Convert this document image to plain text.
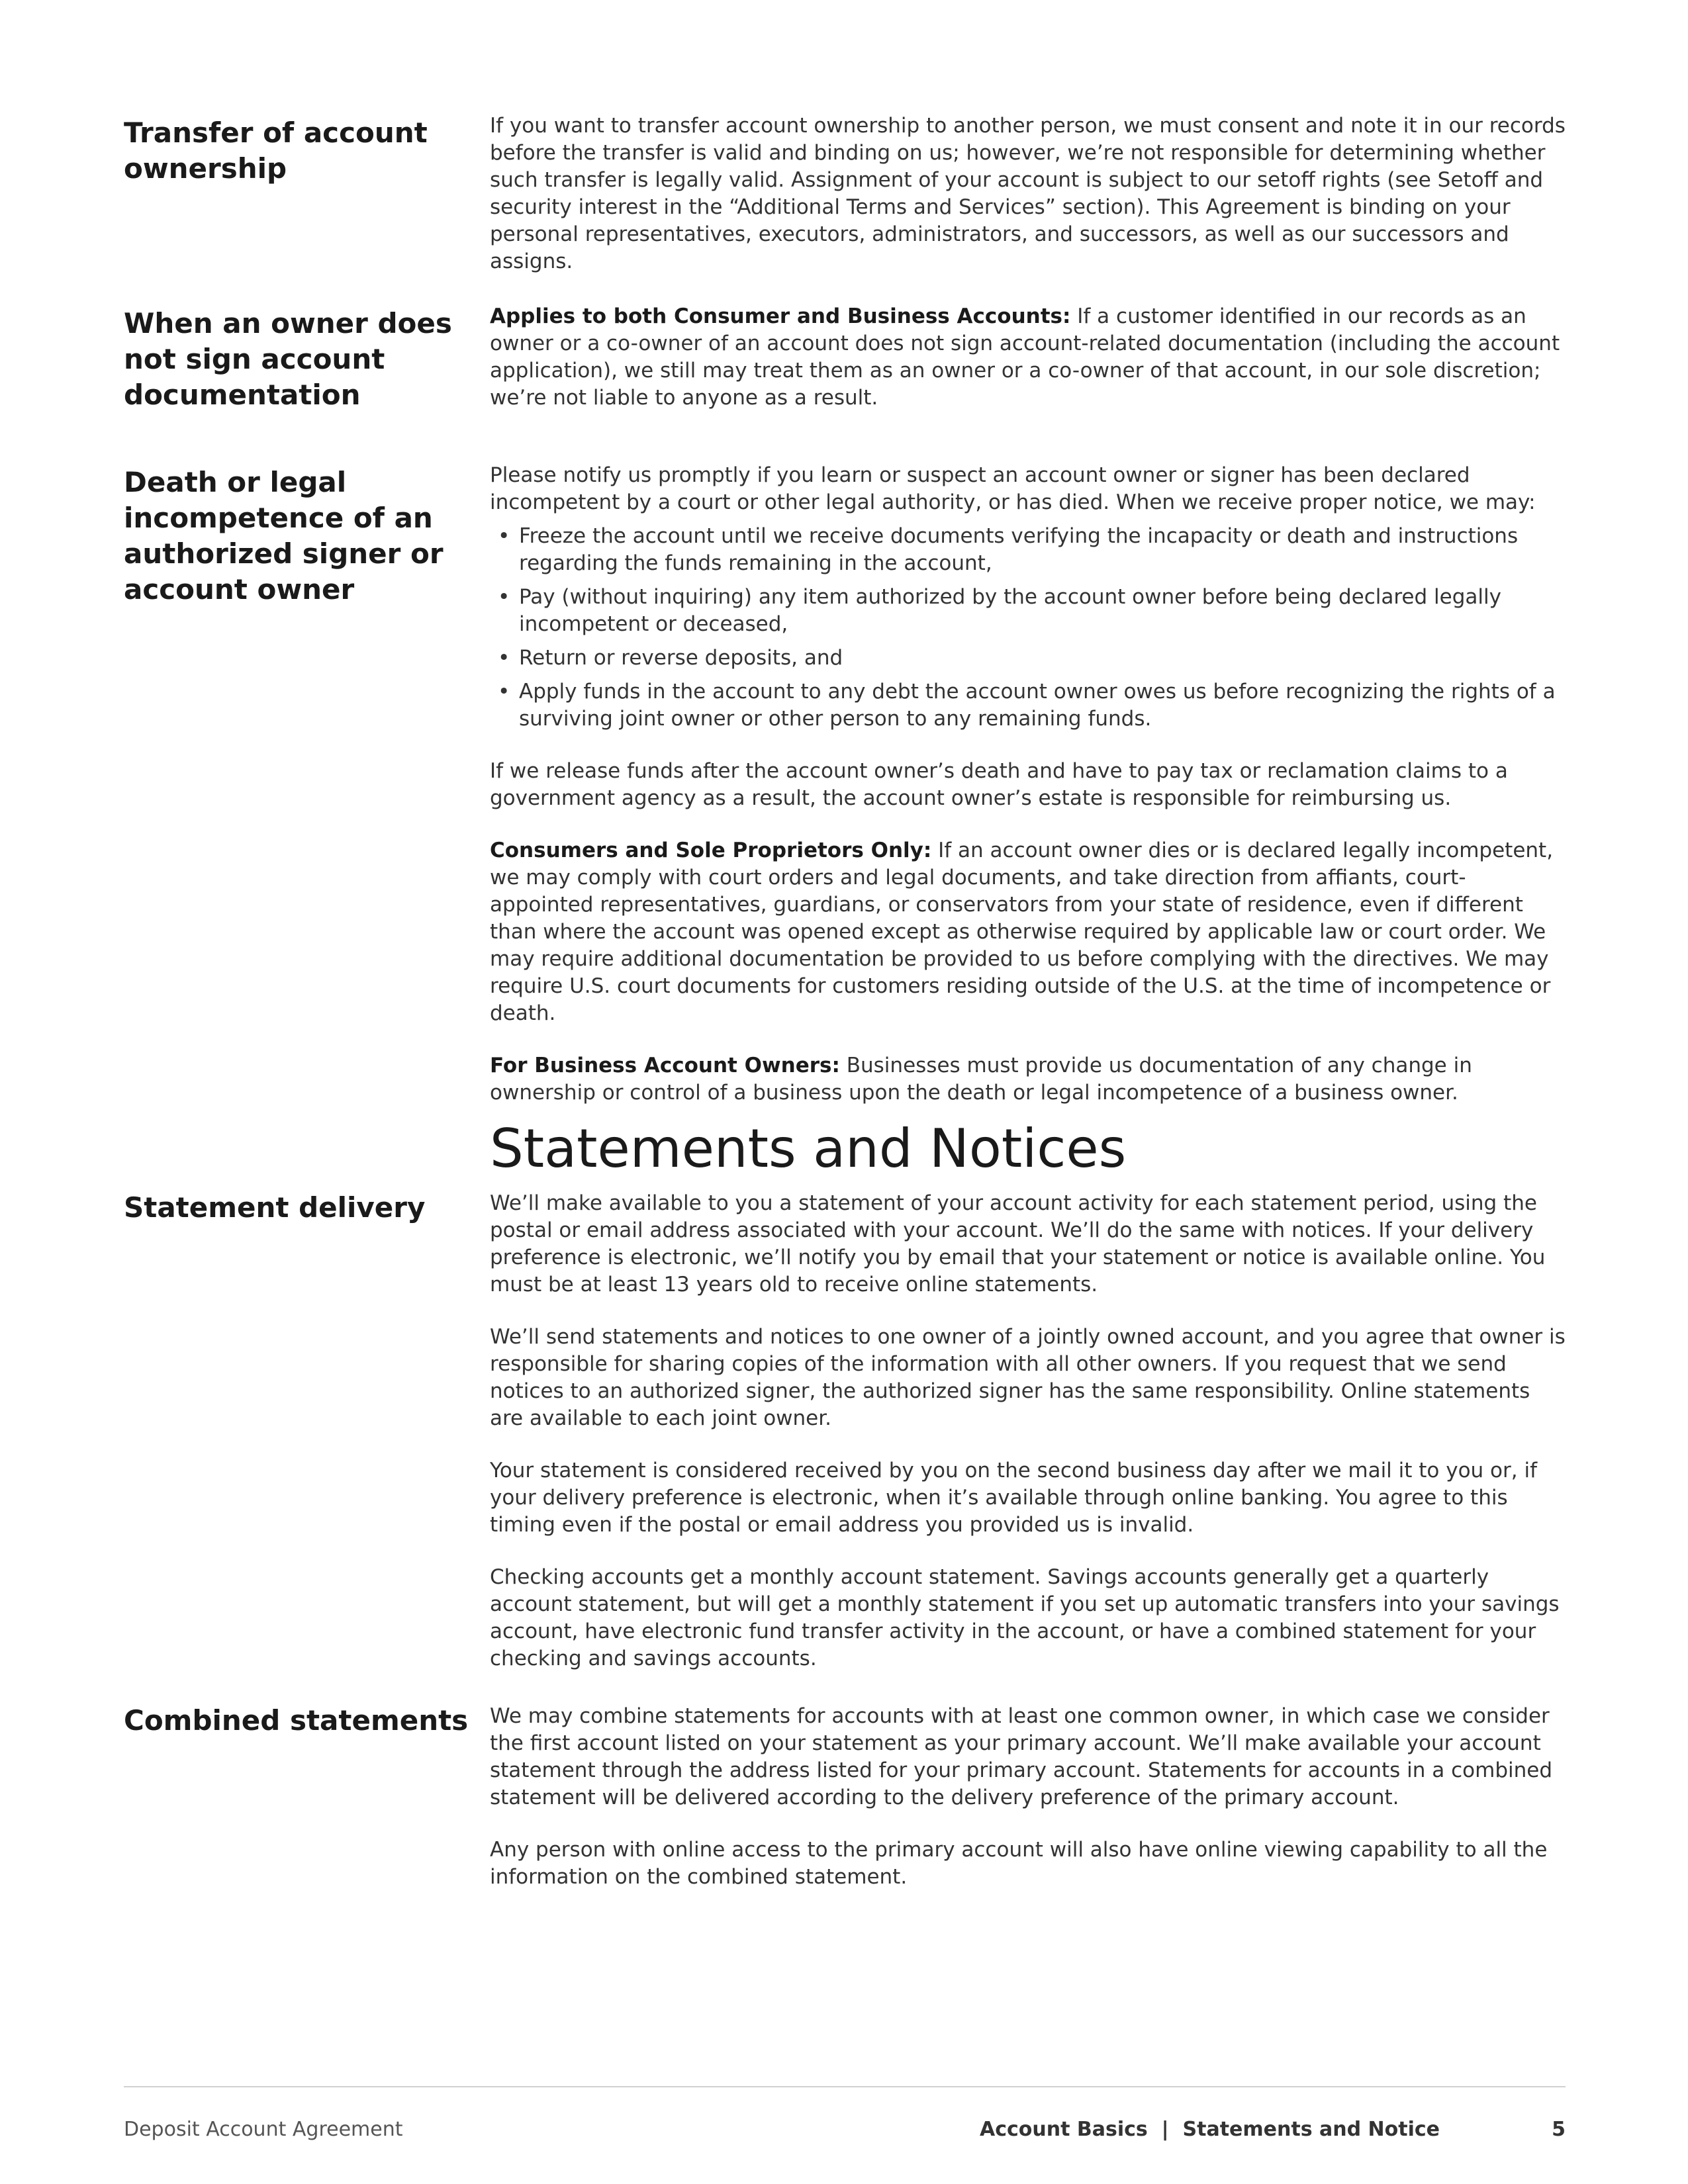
Transfer of account ownership

If you want to transfer account ownership to another person, we must consent and note it in our records before the transfer is valid and binding on us; however, we’re not responsible for determining whether such transfer is legally valid. Assignment of your account is subject to our setoff rights (see Setoff and security interest in the “Additional Terms and Services” section). This Agreement is binding on your personal representatives, executors, administrators, and successors, as well as our successors and assigns.

When an owner does not sign account documentation

Applies to both Consumer and Business Accounts: If a customer identified in our records as an owner or a co-owner of an account does not sign account-related documentation (including the account application), we still may treat them as an owner or a co-owner of that account, in our sole discretion; we’re not liable to anyone as a result.

Death or legal incompetence of an authorized signer or account owner

Please notify us promptly if you learn or suspect an account owner or signer has been declared incompetent by a court or other legal authority, or has died. When we receive proper notice, we may:

• Freeze the account until we receive documents verifying the incapacity or death and instructions regarding the funds remaining in the account,
• Pay (without inquiring) any item authorized by the account owner before being declared legally incompetent or deceased,
• Return or reverse deposits, and
• Apply funds in the account to any debt the account owner owes us before recognizing the rights of a surviving joint owner or other person to any remaining funds.

If we release funds after the account owner’s death and have to pay tax or reclamation claims to a government agency as a result, the account owner’s estate is responsible for reimbursing us.

Consumers and Sole Proprietors Only: If an account owner dies or is declared legally incompetent, we may comply with court orders and legal documents, and take direction from affiants, court-appointed representatives, guardians, or conservators from your state of residence, even if different than where the account was opened except as otherwise required by applicable law or court order. We may require additional documentation be provided to us before complying with the directives. We may require U.S. court documents for customers residing outside of the U.S. at the time of incompetence or death.

For Business Account Owners: Businesses must provide us documentation of any change in ownership or control of a business upon the death or legal incompetence of a business owner.

Statements and Notices
Statement delivery	We’ll make available to you a statement of your account activity for each statement period, using the postal or email address associated with your account. We’ll do the same with notices. If your delivery preference is electronic, we’ll notify you by email that your statement or notice is available online. You must be at least 13 years old to receive online statements.

We’ll send statements and notices to one owner of a jointly owned account, and you agree that owner is responsible for sharing copies of the information with all other owners. If you request that we send notices to an authorized signer, the authorized signer has the same responsibility. Online statements are available to each joint owner.

Your statement is considered received by you on the second business day after we mail it to you or, if your delivery preference is electronic, when it’s available through online banking. You agree to this timing even if the postal or email address you provided us is invalid.

Checking accounts get a monthly account statement. Savings accounts generally get a quarterly account statement, but will get a monthly statement if you set up automatic transfers into your savings account, have electronic fund transfer activity in the account, or have a combined statement for your checking and savings accounts.

Combined statements	We may combine statements for accounts with at least one common owner, in which case we consider the first account listed on your statement as your primary account. We’ll make available your account statement through the address listed for your primary account. Statements for accounts in a combined statement will be delivered according to the delivery preference of the primary account.

Any person with online access to the primary account will also have online viewing capability to all the information on the combined statement.

Deposit Account Agreement	Account Basics  |  Statements and Notice	5
